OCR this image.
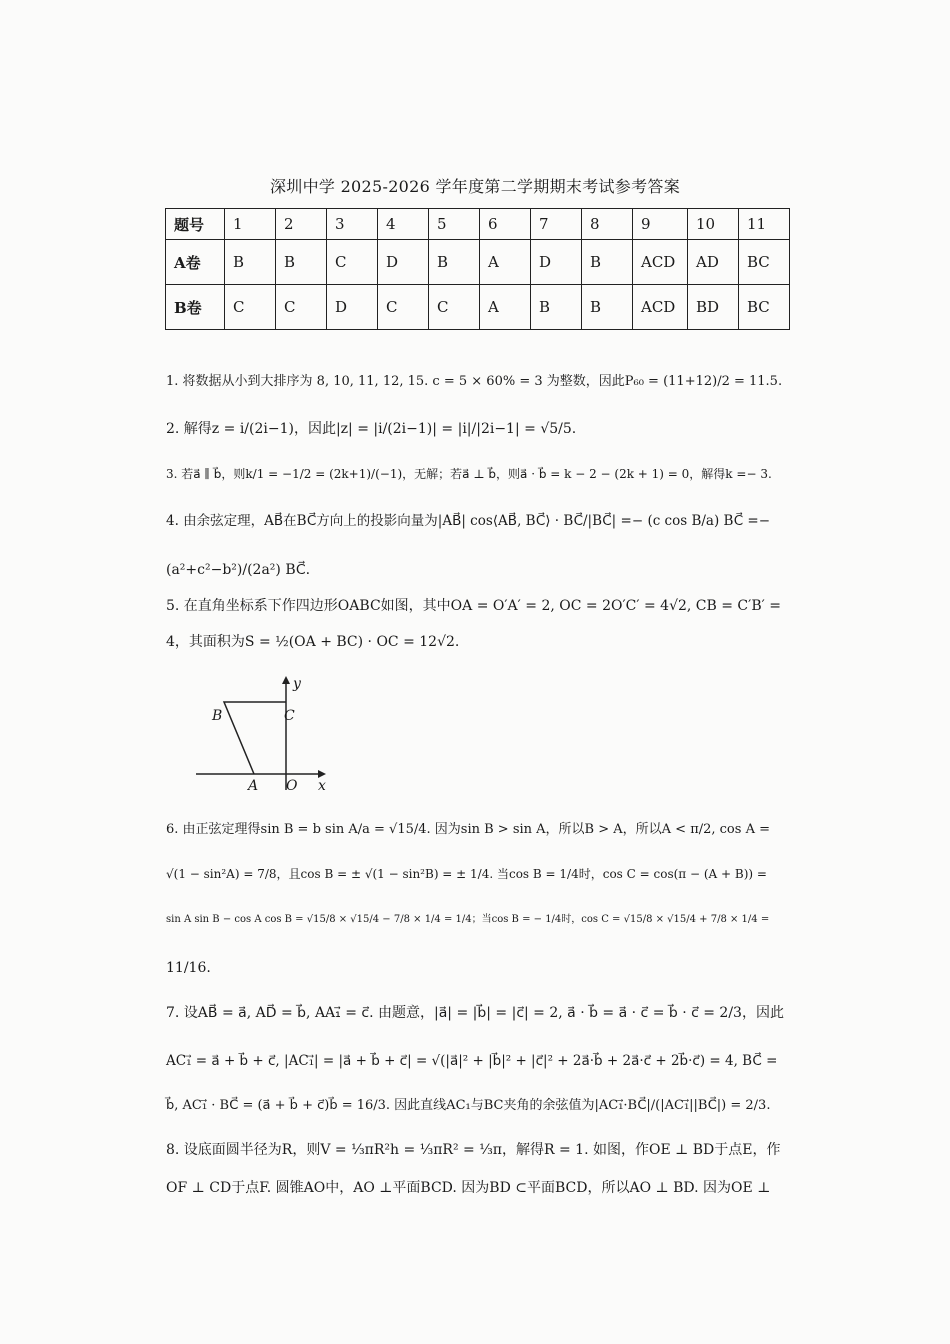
深圳中学 2025-2026 学年度第二学期期末考试参考答案
题号	1	2	3	4	5	6	7	8	9	10	11
A卷	B	B	C	D	B	A	D	B	ACD	AD	BC
B卷	C	C	D	C	C	A	B	B	ACD	BD	BC
1. 将数据从小到大排序为 8, 10, 11, 12, 15. c = 5 × 60% = 3 为整数，因此P₆₀ = (11+12)/2 = 11.5.
2. 解得z = i/(2i−1)，因此|z| = |i/(2i−1)| = |i|/|2i−1| = √5/5.
3. 若a⃗ ∥ b⃗，则k/1 = −1/2 = (2k+1)/(−1)，无解；若a⃗ ⊥ b⃗，则a⃗ · b⃗ = k − 2 − (2k + 1) = 0，解得k =− 3.
4. 由余弦定理，AB⃗在BC⃗方向上的投影向量为|AB⃗| cos⟨AB⃗, BC⃗⟩ · BC⃗/|BC⃗| =− (c cos B/a) BC⃗ =−
(a²+c²−b²)/(2a²) BC⃗.
5. 在直角坐标系下作四边形OABC如图，其中OA = O′A′ = 2, OC = 2O′C′ = 4√2, CB = C′B′ =
4，其面积为S = ½(OA + BC) · OC = 12√2.
y
x
B	C
A O
6. 由正弦定理得sin B = b sin A/a = √15/4. 因为sin B > sin A，所以B > A，所以A < π/2, cos A =
√(1 − sin²A) = 7/8，且cos B = ± √(1 − sin²B) = ± 1/4. 当cos B = 1/4时，cos C = cos(π − (A + B)) =
sin A sin B − cos A cos B = √15/8 × √15/4 − 7/8 × 1/4 = 1/4；当cos B = − 1/4时，cos C = √15/8 × √15/4 + 7/8 × 1/4 =
11/16.
7. 设AB⃗ = a⃗, AD⃗ = b⃗, AA₁⃗ = c⃗. 由题意，|a⃗| = |b⃗| = |c⃗| = 2, a⃗ · b⃗ = a⃗ · c⃗ = b⃗ · c⃗ = 2/3，因此
AC₁⃗ = a⃗ + b⃗ + c⃗, |AC₁⃗| = |a⃗ + b⃗ + c⃗| = √(|a⃗|² + |b⃗|² + |c⃗|² + 2a⃗·b⃗ + 2a⃗·c⃗ + 2b⃗·c⃗) = 4, BC⃗ =
b⃗, AC₁⃗ · BC⃗ = (a⃗ + b⃗ + c⃗)b⃗ = 16/3. 因此直线AC₁与BC夹角的余弦值为|AC₁⃗·BC⃗|/(|AC₁⃗||BC⃗|) = 2/3.
8. 设底面圆半径为R，则V = ⅓πR²h = ⅓πR² = ⅓π，解得R = 1. 如图，作OE ⊥ BD于点E，作
OF ⊥ CD于点F. 圆锥AO中，AO ⊥平面BCD. 因为BD ⊂平面BCD，所以AO ⊥ BD. 因为OE ⊥
